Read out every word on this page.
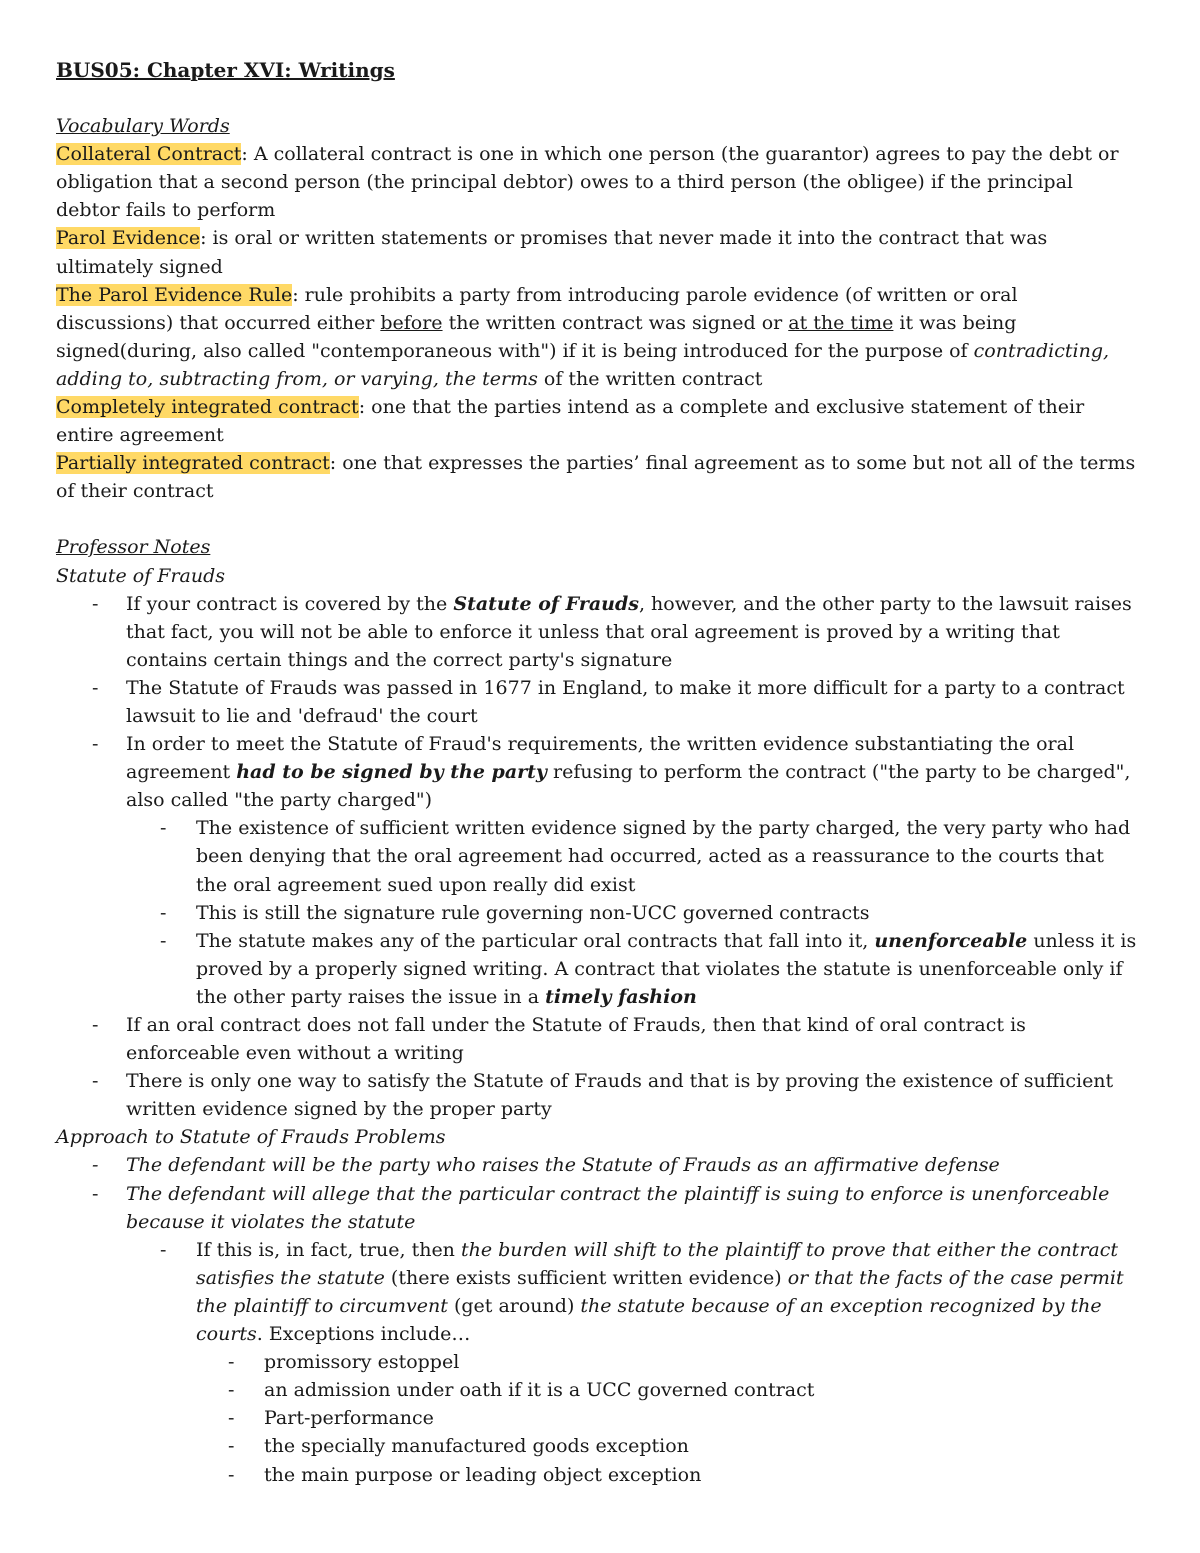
BUS05: Chapter XVI: Writings

Vocabulary Words

Collateral Contract: A collateral contract is one in which one person (the guarantor) agrees to pay the debt or obligation that a second person (the principal debtor) owes to a third person (the obligee) if the principal debtor fails to perform

Parol Evidence: is oral or written statements or promises that never made it into the contract that was ultimately signed

The Parol Evidence Rule: rule prohibits a party from introducing parole evidence (of written or oral discussions) that occurred either before the written contract was signed or at the time it was being signed(during, also called "contemporaneous with") if it is being introduced for the purpose of contradicting, adding to, subtracting from, or varying, the terms of the written contract

Completely integrated contract: one that the parties intend as a complete and exclusive statement of their entire agreement

Partially integrated contract: one that expresses the parties’ final agreement as to some but not all of the terms of their contract

Professor Notes

Statute of Frauds

- If your contract is covered by the Statute of Frauds, however, and the other party to the lawsuit raises that fact, you will not be able to enforce it unless that oral agreement is proved by a writing that contains certain things and the correct party's signature
- The Statute of Frauds was passed in 1677 in England, to make it more difficult for a party to a contract lawsuit to lie and 'defraud' the court
- In order to meet the Statute of Fraud's requirements, the written evidence substantiating the oral agreement had to be signed by the party refusing to perform the contract ("the party to be charged", also called "the party charged")
- The existence of sufficient written evidence signed by the party charged, the very party who had been denying that the oral agreement had occurred, acted as a reassurance to the courts that the oral agreement sued upon really did exist
- This is still the signature rule governing non-UCC governed contracts
- The statute makes any of the particular oral contracts that fall into it, unenforceable unless it is proved by a properly signed writing. A contract that violates the statute is unenforceable only if the other party raises the issue in a timely fashion
- If an oral contract does not fall under the Statute of Frauds, then that kind of oral contract is enforceable even without a writing
- There is only one way to satisfy the Statute of Frauds and that is by proving the existence of sufficient written evidence signed by the proper party

Approach to Statute of Frauds Problems

- The defendant will be the party who raises the Statute of Frauds as an affirmative defense
- The defendant will allege that the particular contract the plaintiff is suing to enforce is unenforceable because it violates the statute
- If this is, in fact, true, then the burden will shift to the plaintiff to prove that either the contract satisfies the statute (there exists sufficient written evidence) or that the facts of the case permit the plaintiff to circumvent (get around) the statute because of an exception recognized by the courts. Exceptions include…
- promissory estoppel
- an admission under oath if it is a UCC governed contract
- Part-performance
- the specially manufactured goods exception
- the main purpose or leading object exception
